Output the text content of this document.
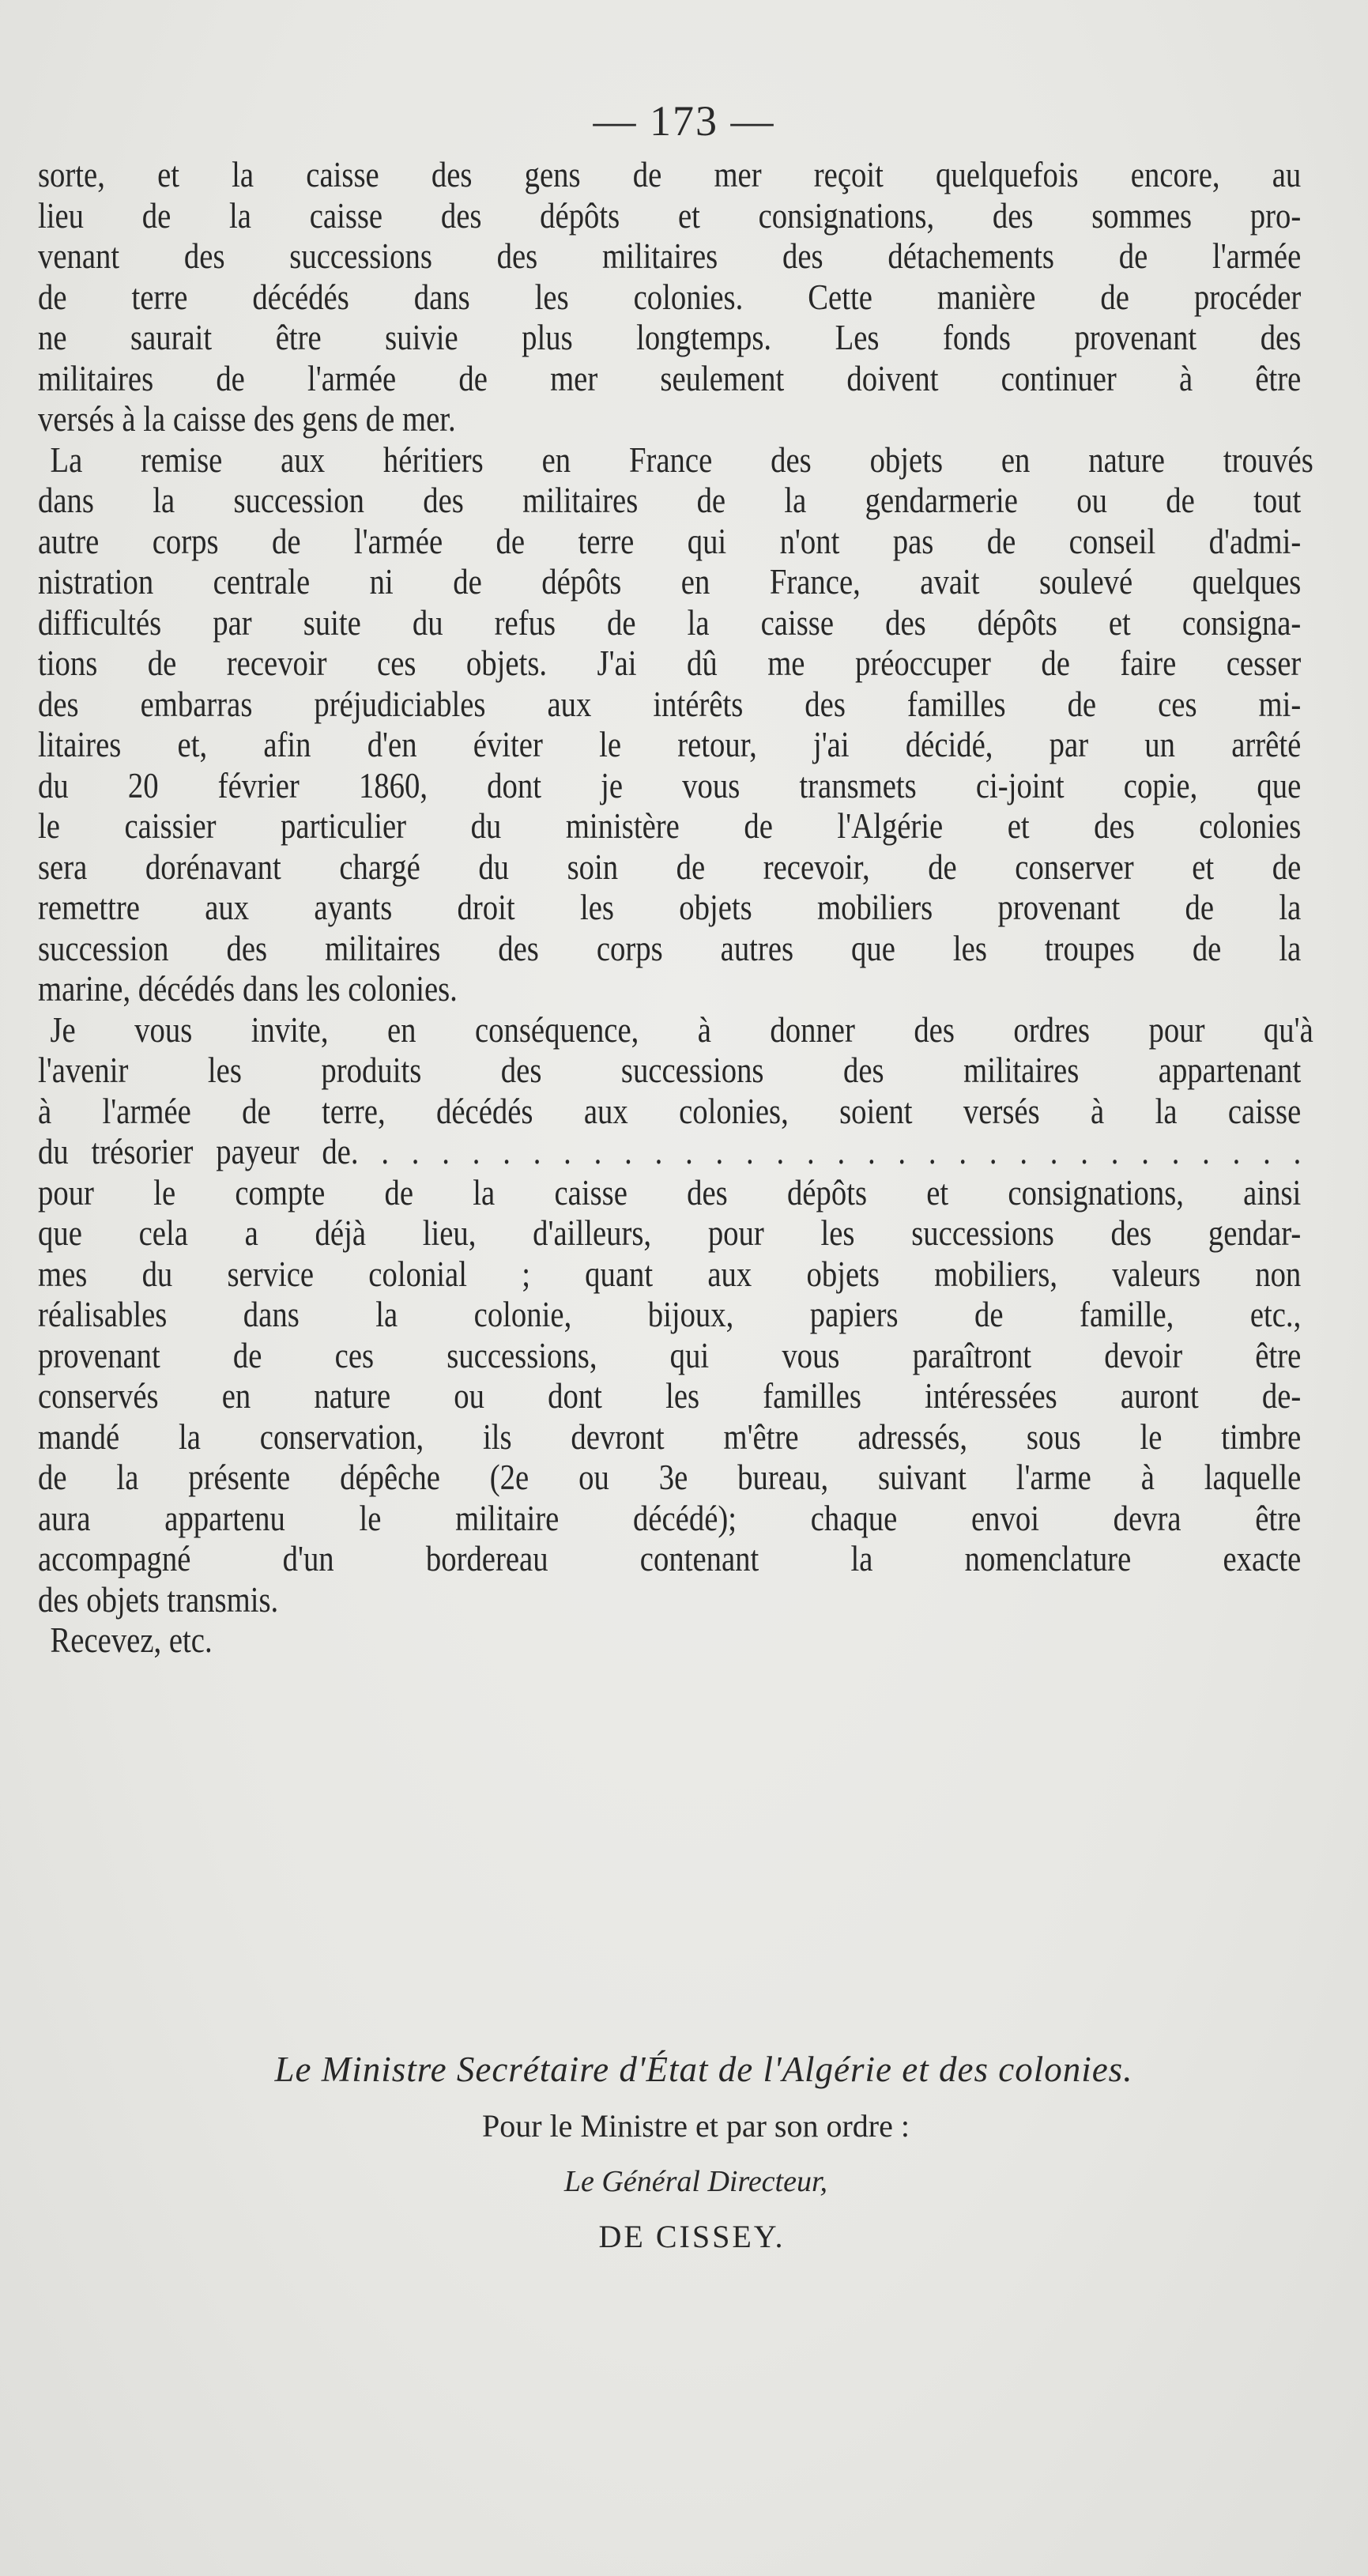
— 173 —
sorte, et la caisse des gens de mer reçoit quelquefois encore, au
lieu de la caisse des dépôts et consignations, des sommes pro-
venant des successions des militaires des détachements de l'armée
de terre décédés dans les colonies. Cette manière de procéder
ne saurait être suivie plus longtemps. Les fonds provenant des
militaires de l'armée de mer seulement doivent continuer à être
versés à la caisse des gens de mer.
La remise aux héritiers en France des objets en nature trouvés
dans la succession des militaires de la gendarmerie ou de tout
autre corps de l'armée de terre qui n'ont pas de conseil d'admi-
nistration centrale ni de dépôts en France, avait soulevé quelques
difficultés par suite du refus de la caisse des dépôts et consigna-
tions de recevoir ces objets. J'ai dû me préoccuper de faire cesser
des embarras préjudiciables aux intérêts des familles de ces mi-
litaires et, afin d'en éviter le retour, j'ai décidé, par un arrêté
du 20 février 1860, dont je vous transmets ci-joint copie, que
le caissier particulier du ministère de l'Algérie et des colonies
sera dorénavant chargé du soin de recevoir, de conserver et de
remettre aux ayants droit les objets mobiliers provenant de la
succession des militaires des corps autres que les troupes de la
marine, décédés dans les colonies.
Je vous invite, en conséquence, à donner des ordres pour qu'à
l'avenir les produits des successions des militaires appartenant
à l'armée de terre, décédés aux colonies, soient versés à la caisse
du trésorier payeur de. . . . . . . . . . . . . . . . . . . . . . . . . . . . . . . .
pour le compte de la caisse des dépôts et consignations, ainsi
que cela a déjà lieu, d'ailleurs, pour les successions des gendar-
mes du service colonial ; quant aux objets mobiliers, valeurs non
réalisables dans la colonie, bijoux, papiers de famille, etc.,
provenant de ces successions, qui vous paraîtront devoir être
conservés en nature ou dont les familles intéressées auront de-
mandé la conservation, ils devront m'être adressés, sous le timbre
de la présente dépêche (2e ou 3e bureau, suivant l'arme à laquelle
aura appartenu le militaire décédé); chaque envoi devra être
accompagné d'un bordereau contenant la nomenclature exacte
des objets transmis.
Recevez, etc.
Le Ministre Secrétaire d'État de l'Algérie et des colonies.
Pour le Ministre et par son ordre :
Le Général Directeur,
DE CISSEY.
